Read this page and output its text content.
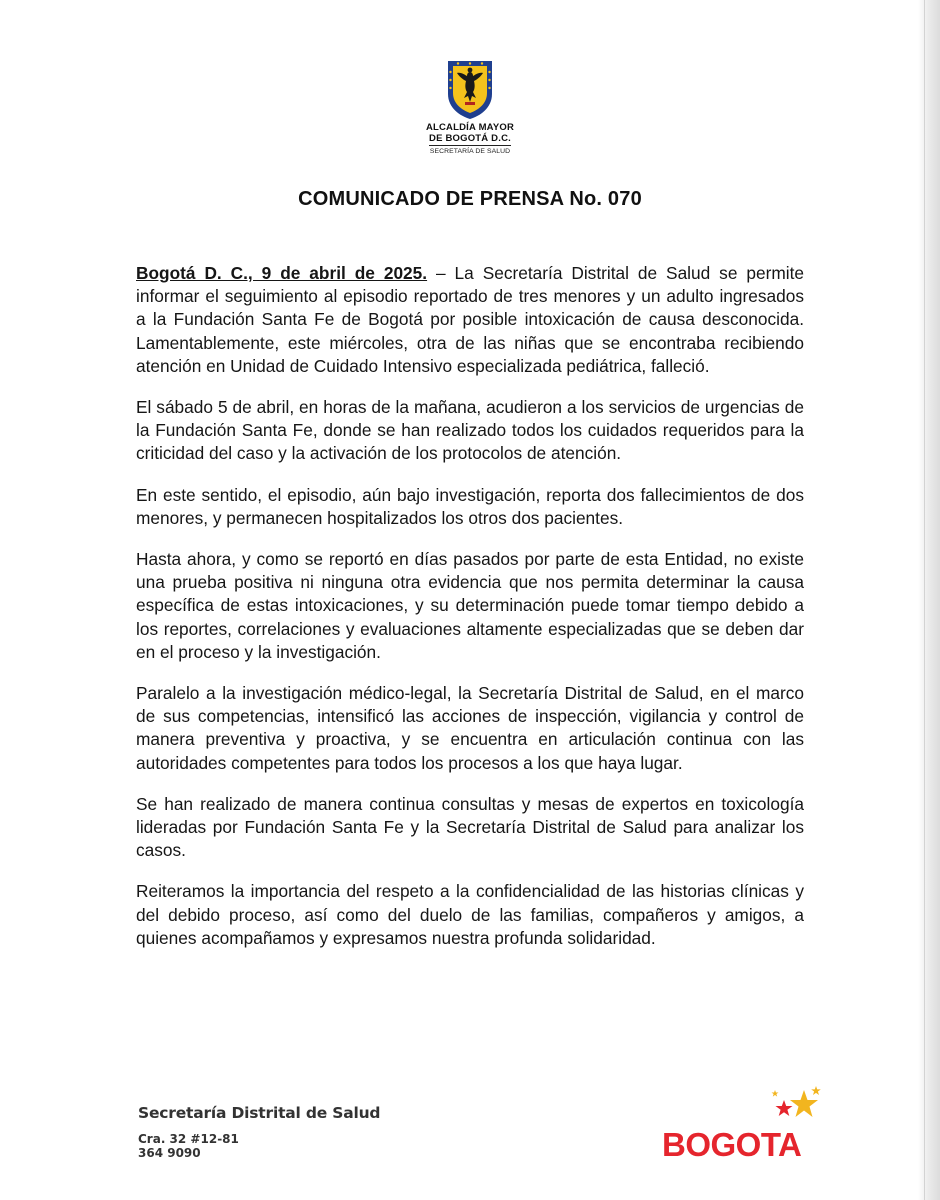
ALCALDÍA MAYOR
DE BOGOTÁ D.C.
SECRETARÍA DE SALUD
COMUNICADO DE PRENSA No. 070

Bogotá D. C., 9 de abril de 2025. – La Secretaría Distrital de Salud se permite informar el seguimiento al episodio reportado de tres menores y un adulto ingresados a la Fundación Santa Fe de Bogotá por posible intoxicación de causa desconocida. Lamentablemente, este miércoles, otra de las niñas que se encontraba recibiendo atención en Unidad de Cuidado Intensivo especializada pediátrica, falleció.

El sábado 5 de abril, en horas de la mañana, acudieron a los servicios de urgencias de la Fundación Santa Fe, donde se han realizado todos los cuidados requeridos para la criticidad del caso y la activación de los protocolos de atención.

En este sentido, el episodio, aún bajo investigación, reporta dos fallecimientos de dos menores, y permanecen hospitalizados los otros dos pacientes.

Hasta ahora, y como se reportó en días pasados por parte de esta Entidad, no existe una prueba positiva ni ninguna otra evidencia que nos permita determinar la causa específica de estas intoxicaciones, y su determinación puede tomar tiempo debido a los reportes, correlaciones y evaluaciones altamente especializadas que se deben dar en el proceso y la investigación.

Paralelo a la investigación médico-legal, la Secretaría Distrital de Salud, en el marco de sus competencias, intensificó las acciones de inspección, vigilancia y control de manera preventiva y proactiva, y se encuentra en articulación continua con las autoridades competentes para todos los procesos a los que haya lugar.

Se han realizado de manera continua consultas y mesas de expertos en toxicología lideradas por Fundación Santa Fe y la Secretaría Distrital de Salud para analizar los casos.

Reiteramos la importancia del respeto a la confidencialidad de las historias clínicas y del debido proceso, así como del duelo de las familias, compañeros y amigos, a quienes acompañamos y expresamos nuestra profunda solidaridad.

Secretaría Distrital de Salud
Cra. 32 #12-81
364 9090	BOGOTA
